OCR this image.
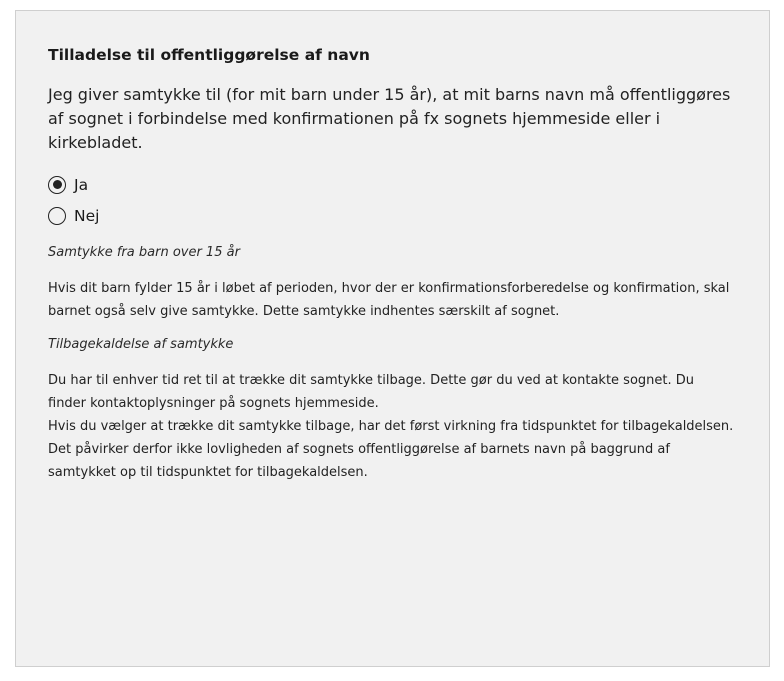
Tilladelse til offentliggørelse af navn

Jeg giver samtykke til (for mit barn under 15 år), at mit barns navn må offentliggøres af sognet i forbindelse med konfirmationen på fx sognets hjemmeside eller i kirkebladet.

Ja
Nej

Samtykke fra barn over 15 år

Hvis dit barn fylder 15 år i løbet af perioden, hvor der er konfirmationsforberedelse og konfirmation, skal barnet også selv give samtykke. Dette samtykke indhentes særskilt af sognet.

Tilbagekaldelse af samtykke

Du har til enhver tid ret til at trække dit samtykke tilbage. Dette gør du ved at kontakte sognet. Du finder kontaktoplysninger på sognets hjemmeside.

Hvis du vælger at trække dit samtykke tilbage, har det først virkning fra tidspunktet for tilbagekaldelsen. Det påvirker derfor ikke lovligheden af sognets offentliggørelse af barnets navn på baggrund af samtykket op til tidspunktet for tilbagekaldelsen.
